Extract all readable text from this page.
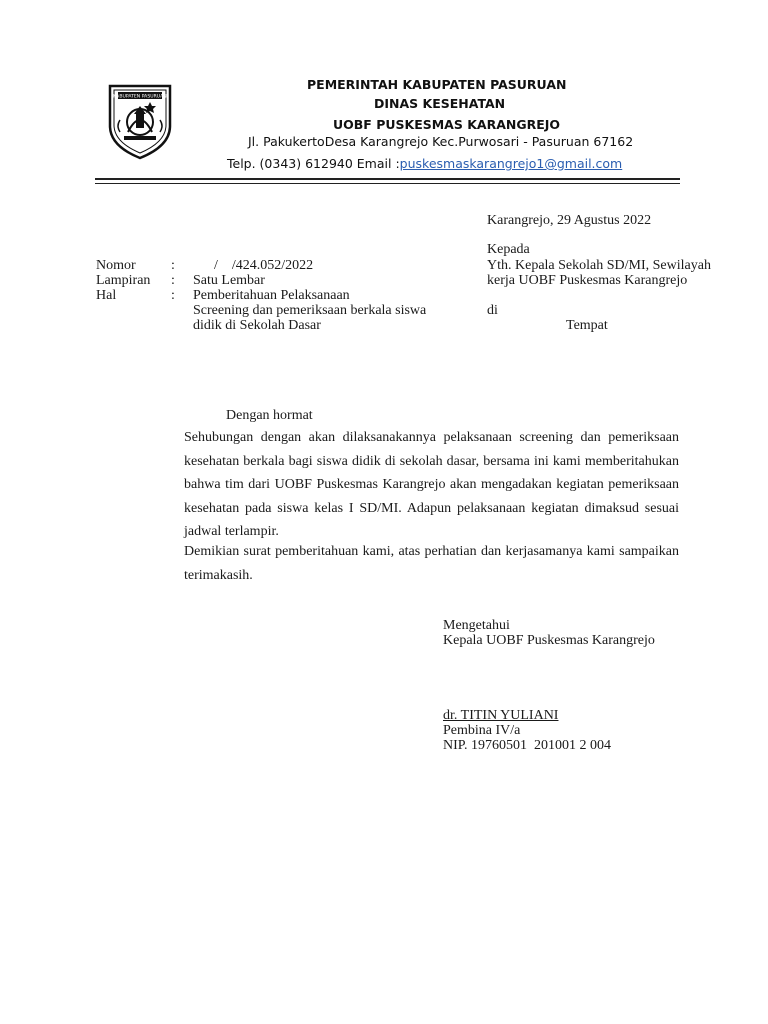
KABUPATEN PASURUAN
PEMERINTAH KABUPATEN PASURUAN
DINAS KESEHATAN
UOBF PUSKESMAS KARANGREJO
Jl. PakukertoDesa Karangrejo Kec.Purwosari - Pasuruan 67162
Telp. (0343) 612940 Email :puskesmaskarangrejo1@gmail.com
Karangrejo, 29 Agustus 2022
Kepada
Yth. Kepala Sekolah SD/MI, Sewilayah
kerja UOBF Puskesmas Karangrejo
di
Tempat
Nomor	:	/    /424.052/2022
Lampiran : Satu Lembar
Hal	: Pemberitahuan Pelaksanaan
Screening dan pemeriksaan berkala siswa
didik di Sekolah Dasar
Dengan hormat
Sehubungan dengan akan dilaksanakannya pelaksanaan screening dan pemeriksaan kesehatan berkala bagi siswa didik di sekolah dasar, bersama ini kami memberitahukan bahwa tim dari UOBF Puskesmas Karangrejo akan mengadakan kegiatan pemeriksaan kesehatan pada siswa kelas I SD/MI. Adapun pelaksanaan kegiatan dimaksud sesuai jadwal terlampir.
Demikian surat pemberitahuan kami, atas perhatian dan kerjasamanya kami sampaikan terimakasih.
Mengetahui
Kepala UOBF Puskesmas Karangrejo
dr. TITIN YULIANI
Pembina IV/a
NIP. 19760501  201001 2 004
